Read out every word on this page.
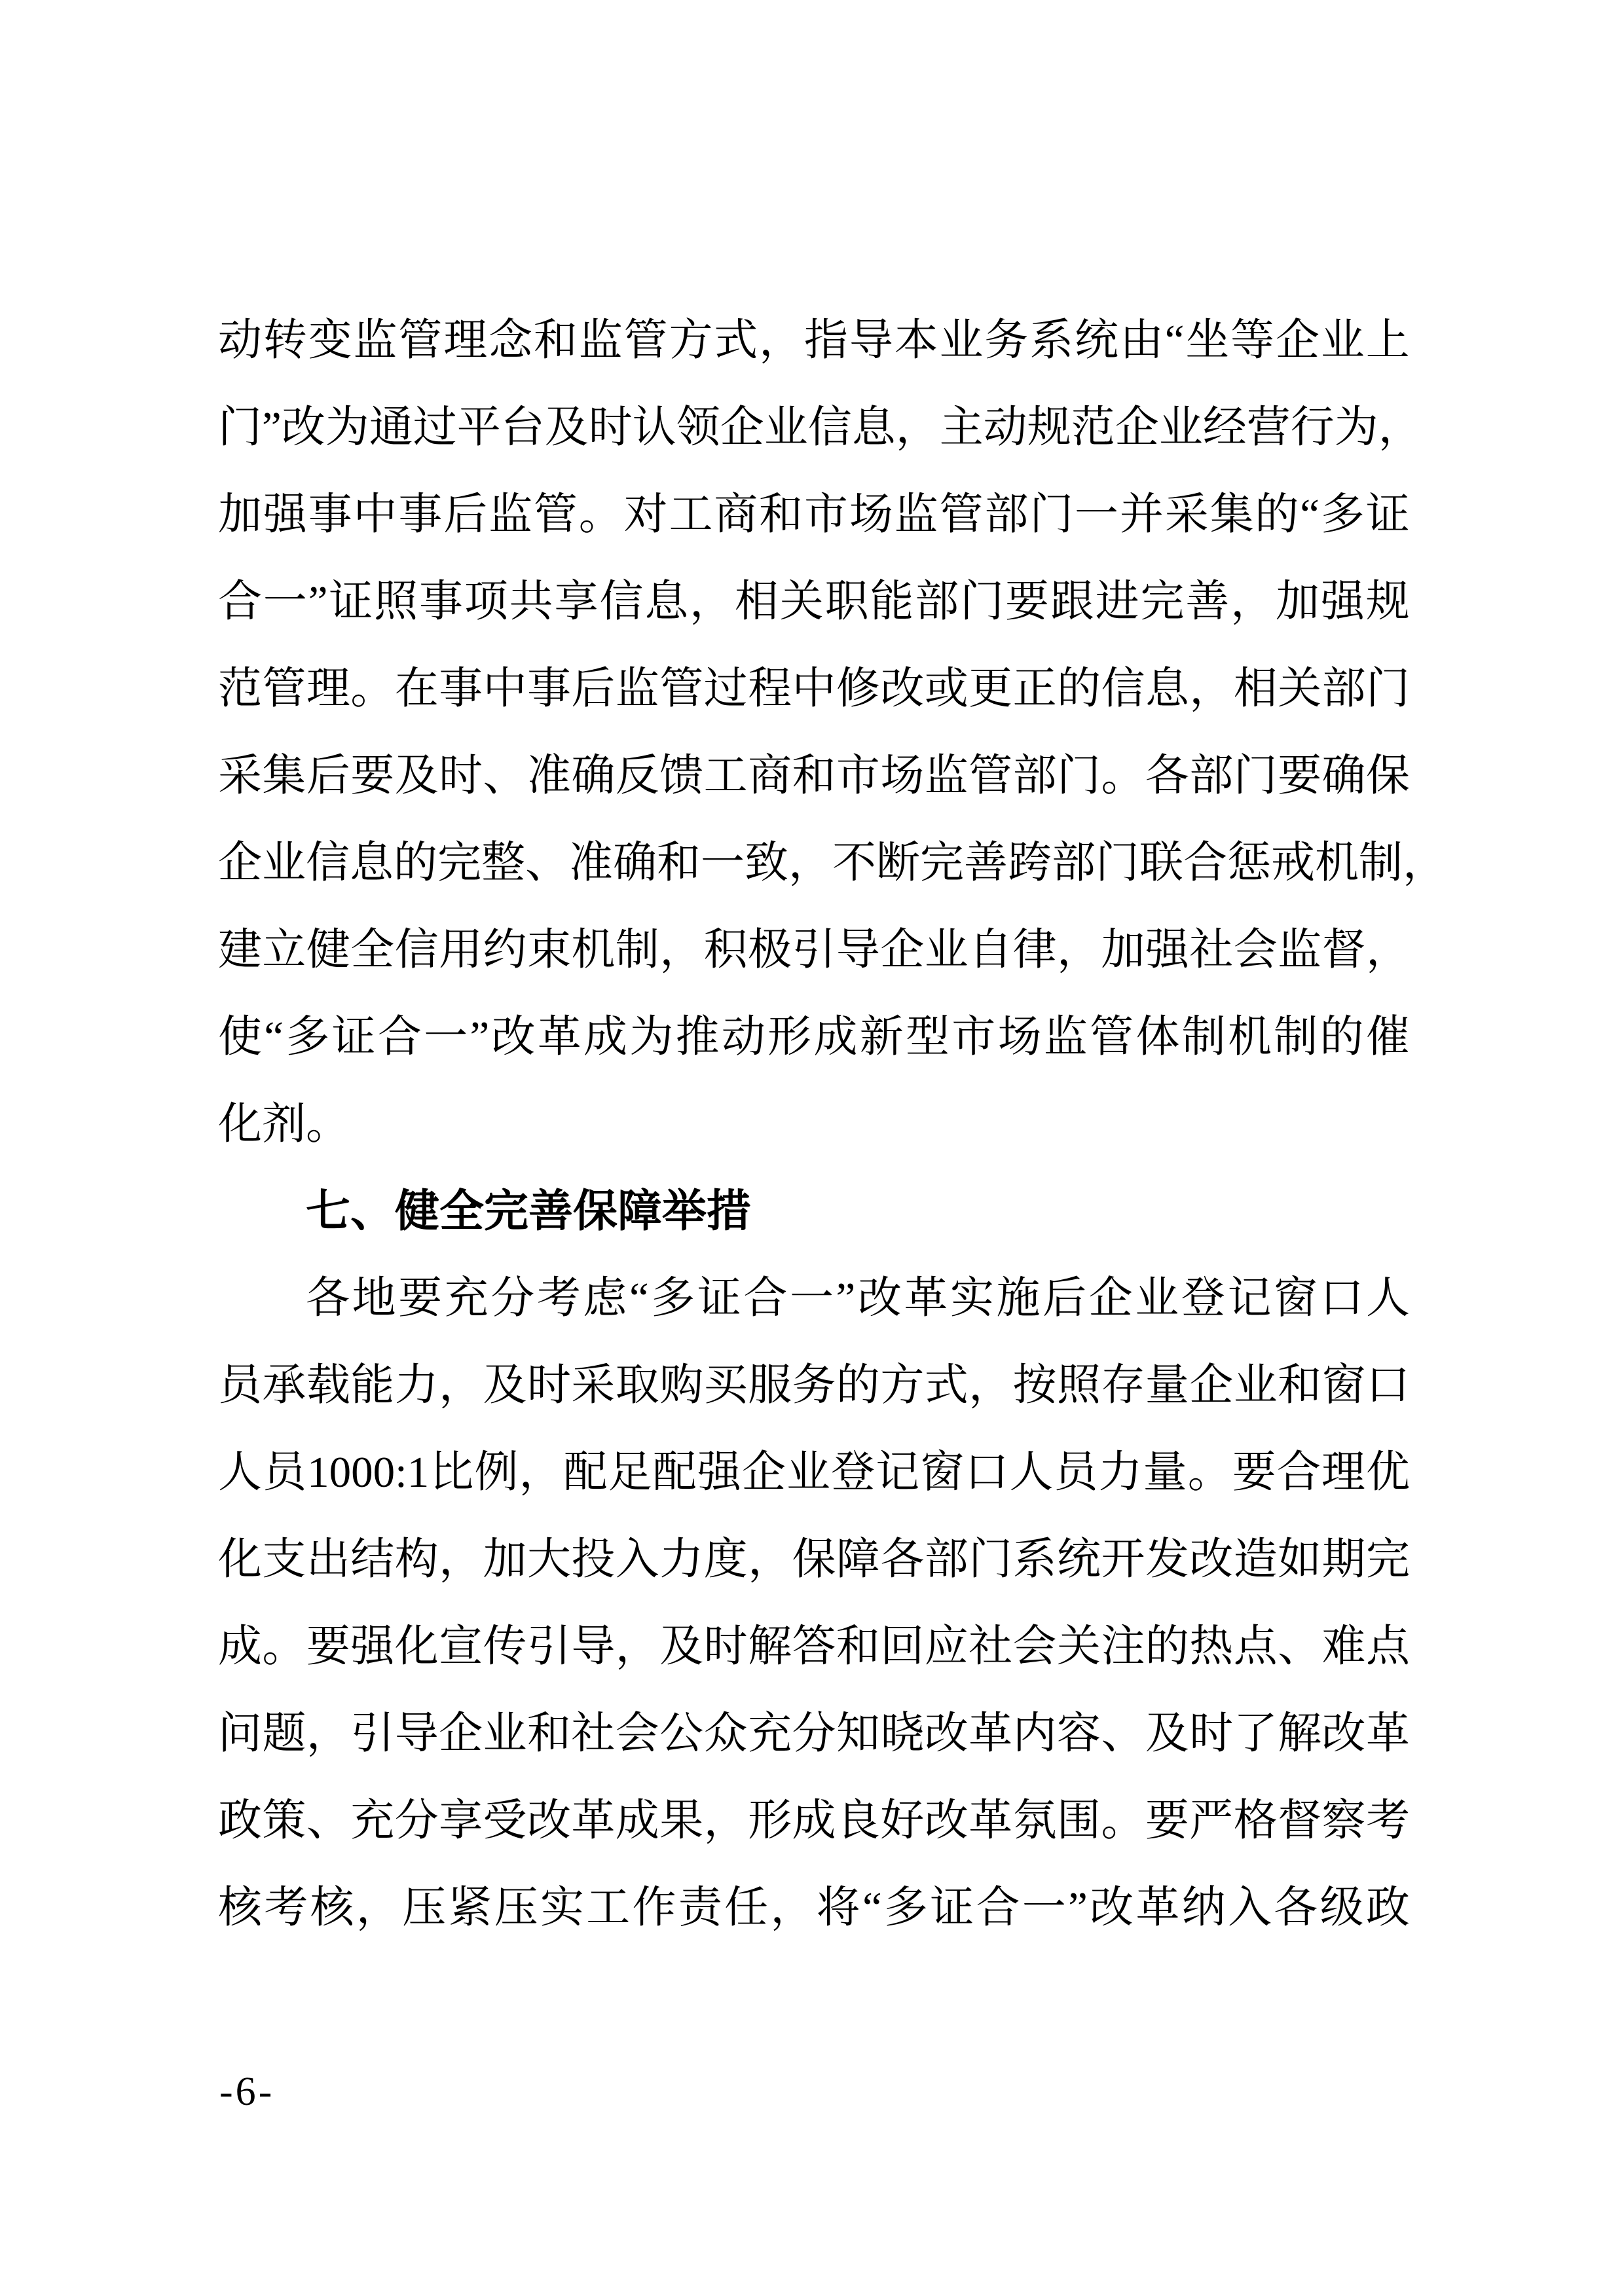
动 转 变 监 管 理 念 和 监 管 方 式 ， 指 导 本 业 务 系 统 由 “ 坐 等 企 业 上
门 ” 改 为 通 过 平 台 及 时 认 领 企 业 信 息 ， 主 动 规 范 企 业 经 营 行 为 ，
加 强 事 中 事 后 监 管 。 对 工 商 和 市 场 监 管 部 门 一 并 采 集 的 “ 多 证
合 一 ” 证 照 事 项 共 享 信 息 ， 相 关 职 能 部 门 要 跟 进 完 善 ， 加 强 规
范 管 理 。 在 事 中 事 后 监 管 过 程 中 修 改 或 更 正 的 信 息 ， 相 关 部 门
采 集 后 要 及 时 、 准 确 反 馈 工 商 和 市 场 监 管 部 门 。 各 部 门 要 确 保
企 业 信 息 的 完 整 、 准 确 和 一 致 ， 不 断 完 善 跨 部 门 联 合 惩 戒 机 制 ，
建 立 健 全 信 用 约 束 机 制 ， 积 极 引 导 企 业 自 律 ， 加 强 社 会 监 督 ，
使 “ 多 证 合 一 ” 改 革 成 为 推 动 形 成 新 型 市 场 监 管 体 制 机 制 的 催
化剂。
七、健全完善保障举措
各 地 要 充 分 考 虑 “ 多 证 合 一 ” 改 革 实 施 后 企 业 登 记 窗 口 人
员 承 载 能 力 ， 及 时 采 取 购 买 服 务 的 方 式 ， 按 照 存 量 企 业 和 窗 口
人 员 1000:1 比 例 ， 配 足 配 强 企 业 登 记 窗 口 人 员 力 量 。 要 合 理 优
化 支 出 结 构 ， 加 大 投 入 力 度 ， 保 障 各 部 门 系 统 开 发 改 造 如 期 完
成 。 要 强 化 宣 传 引 导 ， 及 时 解 答 和 回 应 社 会 关 注 的 热 点 、 难 点
问 题 ， 引 导 企 业 和 社 会 公 众 充 分 知 晓 改 革 内 容 、 及 时 了 解 改 革
政 策 、 充 分 享 受 改 革 成 果 ， 形 成 良 好 改 革 氛 围 。 要 严 格 督 察 考
核 考 核 ， 压 紧 压 实 工 作 责 任 ， 将 “ 多 证 合 一 ” 改 革 纳 入 各 级 政
-6-
